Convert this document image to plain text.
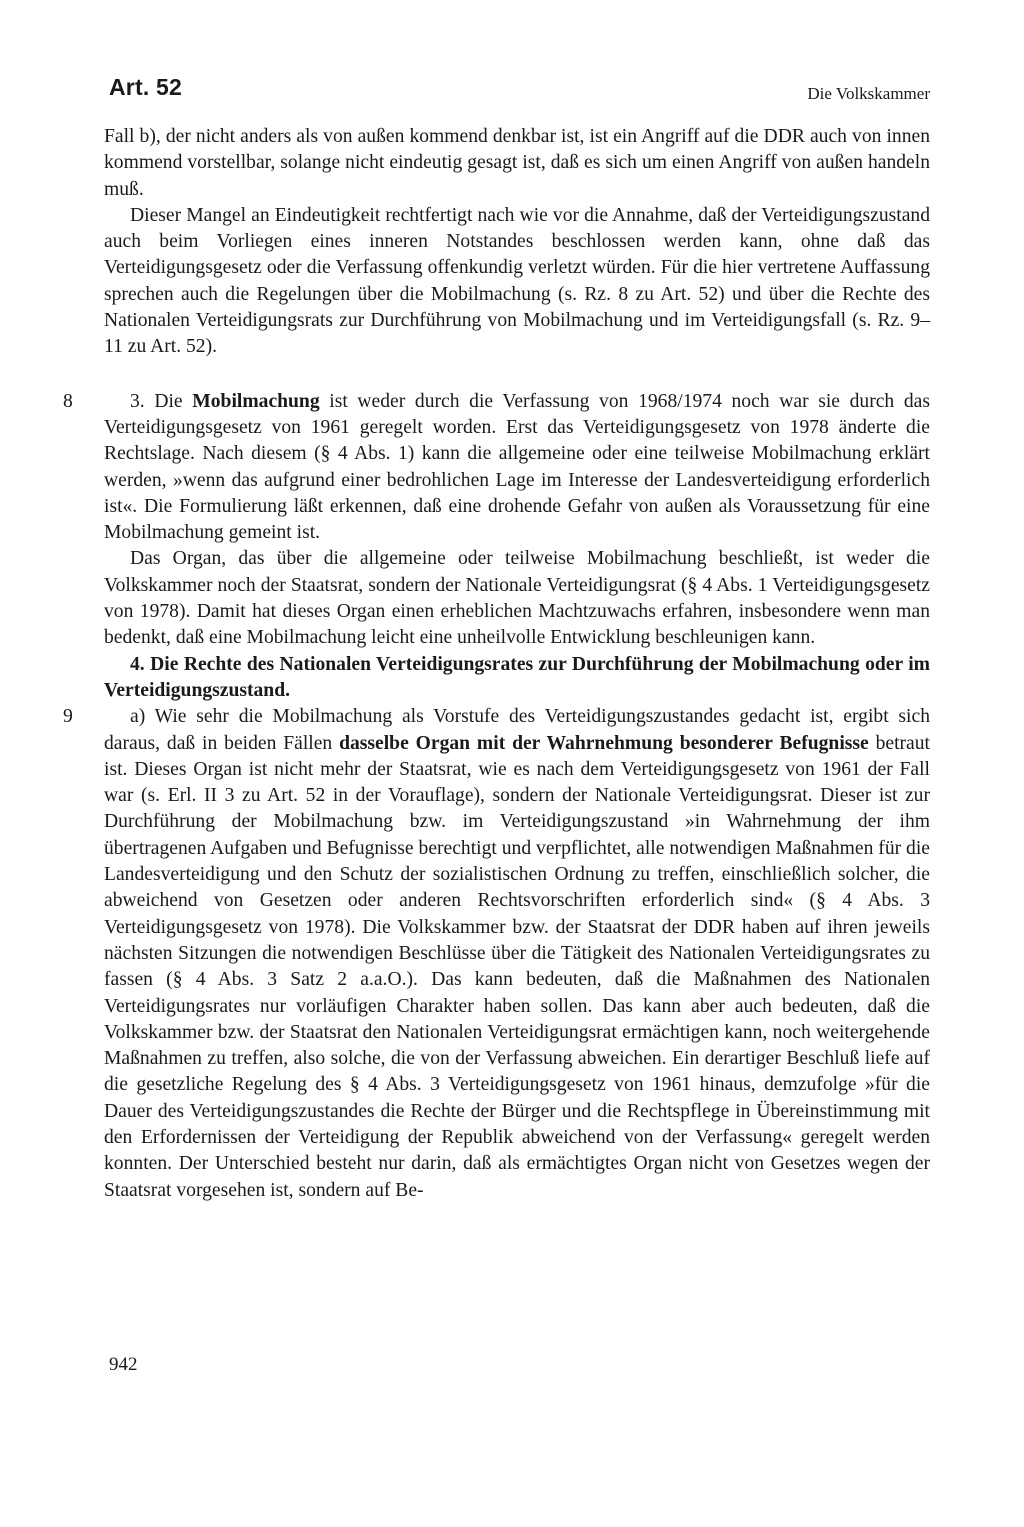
Art. 52	Die Volkskammer

Fall b), der nicht anders als von außen kommend denkbar ist, ist ein Angriff auf die DDR auch von innen kommend vorstellbar, solange nicht eindeutig gesagt ist, daß es sich um einen Angriff von außen handeln muß.

Dieser Mangel an Eindeutigkeit rechtfertigt nach wie vor die Annahme, daß der Verteidigungszustand auch beim Vorliegen eines inneren Notstandes beschlossen werden kann, ohne daß das Verteidigungsgesetz oder die Verfassung offenkundig verletzt würden. Für die hier vertretene Auffassung sprechen auch die Regelungen über die Mobilmachung (s. Rz. 8 zu Art. 52) und über die Rechte des Nationalen Verteidigungsrats zur Durchführung von Mobilmachung und im Verteidigungsfall (s. Rz. 9–11 zu Art. 52).

8	3. Die Mobilmachung ist weder durch die Verfassung von 1968/1974 noch war sie durch das Verteidigungsgesetz von 1961 geregelt worden. Erst das Verteidigungsgesetz von 1978 änderte die Rechtslage. Nach diesem (§ 4 Abs. 1) kann die allgemeine oder eine teilweise Mobilmachung erklärt werden, »wenn das aufgrund einer bedrohlichen Lage im Interesse der Landesverteidigung erforderlich ist«. Die Formulierung läßt erkennen, daß eine drohende Gefahr von außen als Voraussetzung für eine Mobilmachung gemeint ist.

Das Organ, das über die allgemeine oder teilweise Mobilmachung beschließt, ist weder die Volkskammer noch der Staatsrat, sondern der Nationale Verteidigungsrat (§ 4 Abs. 1 Verteidigungsgesetz von 1978). Damit hat dieses Organ einen erheblichen Machtzuwachs erfahren, insbesondere wenn man bedenkt, daß eine Mobilmachung leicht eine unheilvolle Entwicklung beschleunigen kann.

4. Die Rechte des Nationalen Verteidigungsrates zur Durchführung der Mobilmachung oder im Verteidigungszustand.

9	a) Wie sehr die Mobilmachung als Vorstufe des Verteidigungszustandes gedacht ist, ergibt sich daraus, daß in beiden Fällen dasselbe Organ mit der Wahrnehmung besonderer Befugnisse betraut ist. Dieses Organ ist nicht mehr der Staatsrat, wie es nach dem Verteidigungsgesetz von 1961 der Fall war (s. Erl. II 3 zu Art. 52 in der Vorauflage), sondern der Nationale Verteidigungsrat. Dieser ist zur Durchführung der Mobilmachung bzw. im Verteidigungszustand »in Wahrnehmung der ihm übertragenen Aufgaben und Befugnisse berechtigt und verpflichtet, alle notwendigen Maßnahmen für die Landesverteidigung und den Schutz der sozialistischen Ordnung zu treffen, einschließlich solcher, die abweichend von Gesetzen oder anderen Rechtsvorschriften erforderlich sind« (§ 4 Abs. 3 Verteidigungsgesetz von 1978). Die Volkskammer bzw. der Staatsrat der DDR haben auf ihren jeweils nächsten Sitzungen die notwendigen Beschlüsse über die Tätigkeit des Nationalen Verteidigungsrates zu fassen (§ 4 Abs. 3 Satz 2 a.a.O.). Das kann bedeuten, daß die Maßnahmen des Nationalen Verteidigungsrates nur vorläufigen Charakter haben sollen. Das kann aber auch bedeuten, daß die Volkskammer bzw. der Staatsrat den Nationalen Verteidigungsrat ermächtigen kann, noch weitergehende Maßnahmen zu treffen, also solche, die von der Verfassung abweichen. Ein derartiger Beschluß liefe auf die gesetzliche Regelung des § 4 Abs. 3 Verteidigungsgesetz von 1961 hinaus, demzufolge »für die Dauer des Verteidigungszustandes die Rechte der Bürger und die Rechtspflege in Übereinstimmung mit den Erfordernissen der Verteidigung der Republik abweichend von der Verfassung« geregelt werden konnten. Der Unterschied besteht nur darin, daß als ermächtigtes Organ nicht von Gesetzes wegen der Staatsrat vorgesehen ist, sondern auf Be-

942
